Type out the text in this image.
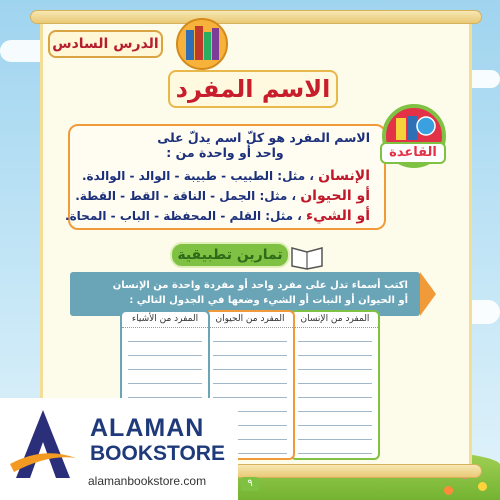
الدرس السادس
الاسم المفرد
الاسم المفرد هو كلّ اسم يدلّ على
واحد أو واحدة من :
الإنسان ، مثل: الطبيب - طبيبة - الوالد - الوالدة.
أو الحيوان ، مثل: الجمل - الناقة - القط - القطة.
أو الشيء ، مثل: القلم - المحفظة - الباب - المحاة.
القاعدة
تمارين تطبيقية
اكتب أسماء تدل على مفرد واحد أو مفردة واحدة من الإنسان
أو الحيوان أو النبات أو الشيء وضعها في الجدول التالي :
المفرد من الإنسان
المفرد من الحيوان
المفرد من الأشياء
٩
ALAMAN
BOOKSTORE
alamanbookstore.com
